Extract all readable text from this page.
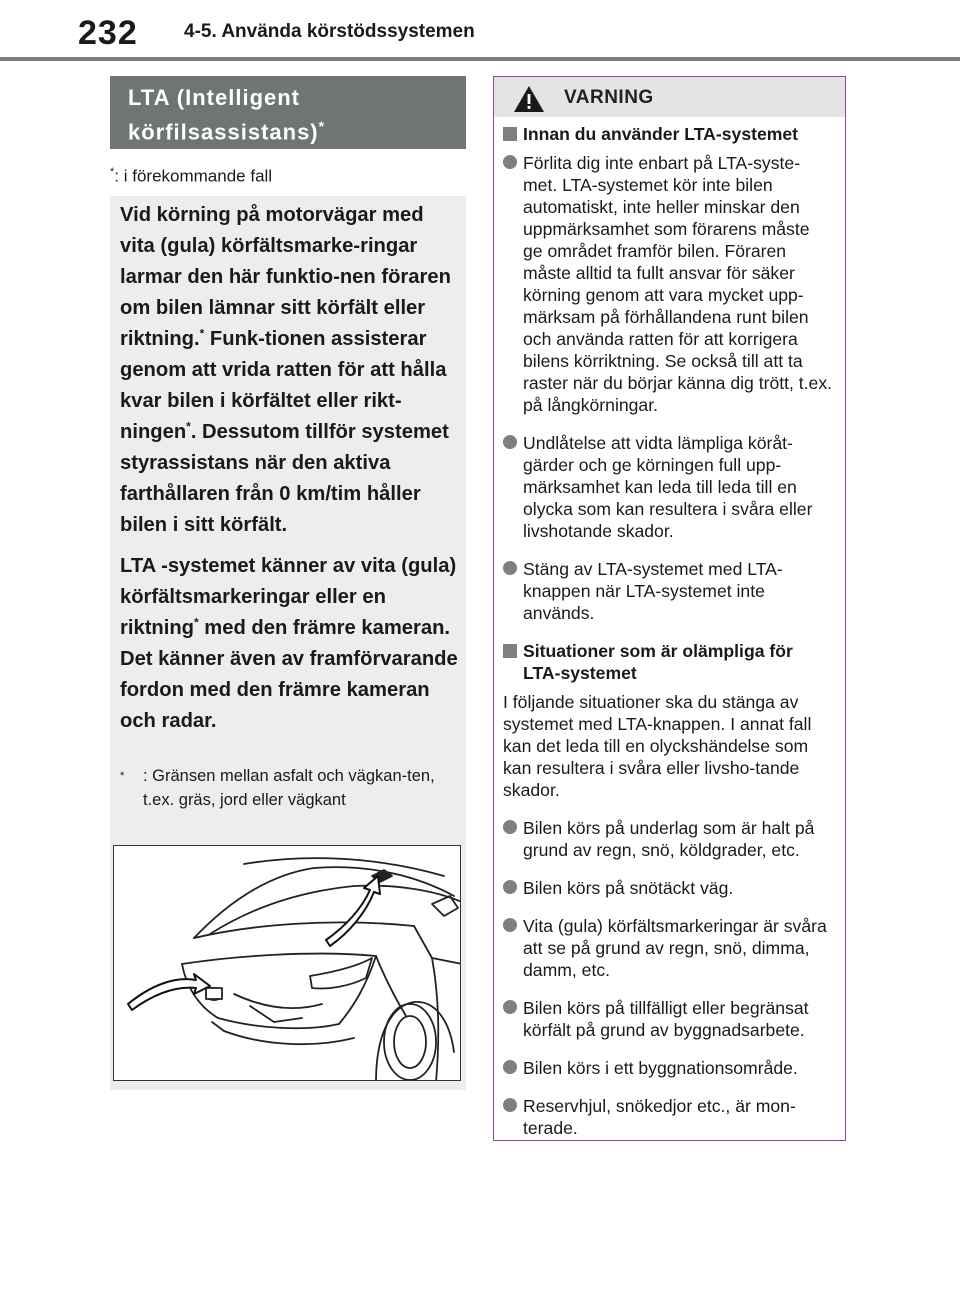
232 4-5. Använda körstödssystemen
LTA (Intelligent
körfilsassistans)*
*: i förekommande fall

Vid körning på motorvägar med vita (gula) körfältsmarke-ringar larmar den här funktio-nen föraren om bilen lämnar sitt körfält eller riktning.* Funk-tionen assisterar genom att vrida ratten för att hålla kvar bilen i körfältet eller rikt-ningen*. Dessutom tillför systemet styrassistans när den aktiva farthållaren från 0 km/tim håller bilen i sitt körfält.

LTA -systemet känner av vita (gula) körfältsmarkeringar eller en riktning* med den främre kameran. Det känner även av framförvarande fordon med den främre kameran och radar.

*	: Gränsen mellan asfalt och vägkan-ten, t.ex. gräs, jord eller vägkant
VARNING
Innan du använder LTA-systemet
Förlita dig inte enbart på LTA-syste-met. LTA-systemet kör inte bilen automatiskt, inte heller minskar den uppmärksamhet som förarens måste ge området framför bilen. Föraren måste alltid ta fullt ansvar för säker körning genom att vara mycket upp-märksam på förhållandena runt bilen och använda ratten för att korrigera bilens körriktning. Se också till att ta raster när du börjar känna dig trött, t.ex. på långkörningar.
Undlåtelse att vidta lämpliga köråt-gärder och ge körningen full upp-märksamhet kan leda till leda till en olycka som kan resultera i svåra eller livshotande skador.
Stäng av LTA-systemet med LTA-knappen när LTA-systemet inte används.
Situationer som är olämpliga för LTA-systemet

I följande situationer ska du stänga av systemet med LTA-knappen. I annat fall kan det leda till en olyckshändelse som kan resultera i svåra eller livsho-tande skador.

Bilen körs på underlag som är halt på grund av regn, snö, köldgrader, etc.
Bilen körs på snötäckt väg.
Vita (gula) körfältsmarkeringar är svåra att se på grund av regn, snö, dimma, damm, etc.
Bilen körs på tillfälligt eller begränsat körfält på grund av byggnadsarbete.
Bilen körs i ett byggnationsområde.
Reservhjul, snökedjor etc., är mon-terade.
